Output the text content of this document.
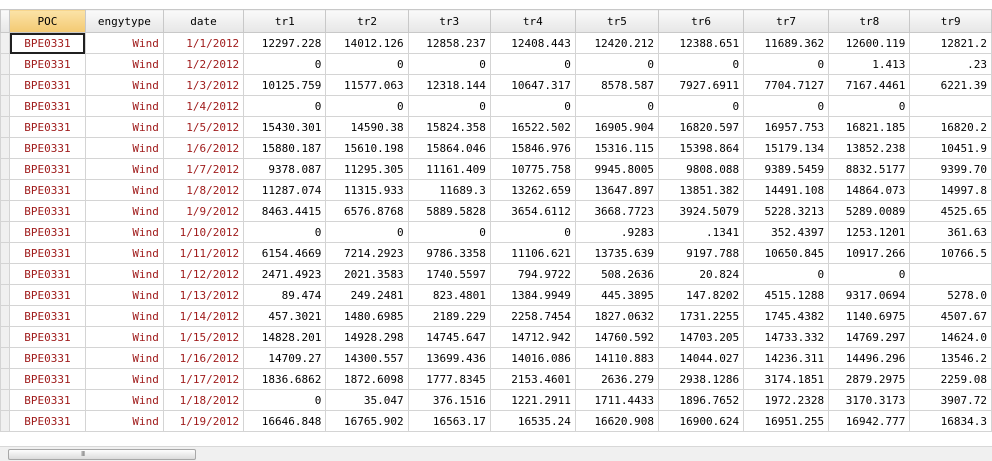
	POC	engytype	date	tr1	tr2	tr3	tr4	tr5	tr6	tr7	tr8	tr9
	BPE0331	Wind	1/1/2012	12297.228	14012.126	12858.237	12408.443	12420.212	12388.651	11689.362	12600.119	12821.2
	BPE0331	Wind	1/2/2012	0	0	0	0	0	0	0	1.413	.23
	BPE0331	Wind	1/3/2012	10125.759	11577.063	12318.144	10647.317	8578.587	7927.6911	7704.7127	7167.4461	6221.39
	BPE0331	Wind	1/4/2012	0	0	0	0	0	0	0	0	
	BPE0331	Wind	1/5/2012	15430.301	14590.38	15824.358	16522.502	16905.904	16820.597	16957.753	16821.185	16820.2
	BPE0331	Wind	1/6/2012	15880.187	15610.198	15864.046	15846.976	15316.115	15398.864	15179.134	13852.238	10451.9
	BPE0331	Wind	1/7/2012	9378.087	11295.305	11161.409	10775.758	9945.8005	9808.088	9389.5459	8832.5177	9399.70
	BPE0331	Wind	1/8/2012	11287.074	11315.933	11689.3	13262.659	13647.897	13851.382	14491.108	14864.073	14997.8
	BPE0331	Wind	1/9/2012	8463.4415	6576.8768	5889.5828	3654.6112	3668.7723	3924.5079	5228.3213	5289.0089	4525.65
	BPE0331	Wind	1/10/2012	0	0	0	0	.9283	.1341	352.4397	1253.1201	361.63
	BPE0331	Wind	1/11/2012	6154.4669	7214.2923	9786.3358	11106.621	13735.639	9197.788	10650.845	10917.266	10766.5
	BPE0331	Wind	1/12/2012	2471.4923	2021.3583	1740.5597	794.9722	508.2636	20.824	0	0	
	BPE0331	Wind	1/13/2012	89.474	249.2481	823.4801	1384.9949	445.3895	147.8202	4515.1288	9317.0694	5278.0
	BPE0331	Wind	1/14/2012	457.3021	1480.6985	2189.229	2258.7454	1827.0632	1731.2255	1745.4382	1140.6975	4507.67
	BPE0331	Wind	1/15/2012	14828.201	14928.298	14745.647	14712.942	14760.592	14703.205	14733.332	14769.297	14624.0
	BPE0331	Wind	1/16/2012	14709.27	14300.557	13699.436	14016.086	14110.883	14044.027	14236.311	14496.296	13546.2
	BPE0331	Wind	1/17/2012	1836.6862	1872.6098	1777.8345	2153.4601	2636.279	2938.1286	3174.1851	2879.2975	2259.08
	BPE0331	Wind	1/18/2012	0	35.047	376.1516	1221.2911	1711.4433	1896.7652	1972.2328	3170.3173	3907.72
	BPE0331	Wind	1/19/2012	16646.848	16765.902	16563.17	16535.24	16620.908	16900.624	16951.255	16942.777	16834.3
III
